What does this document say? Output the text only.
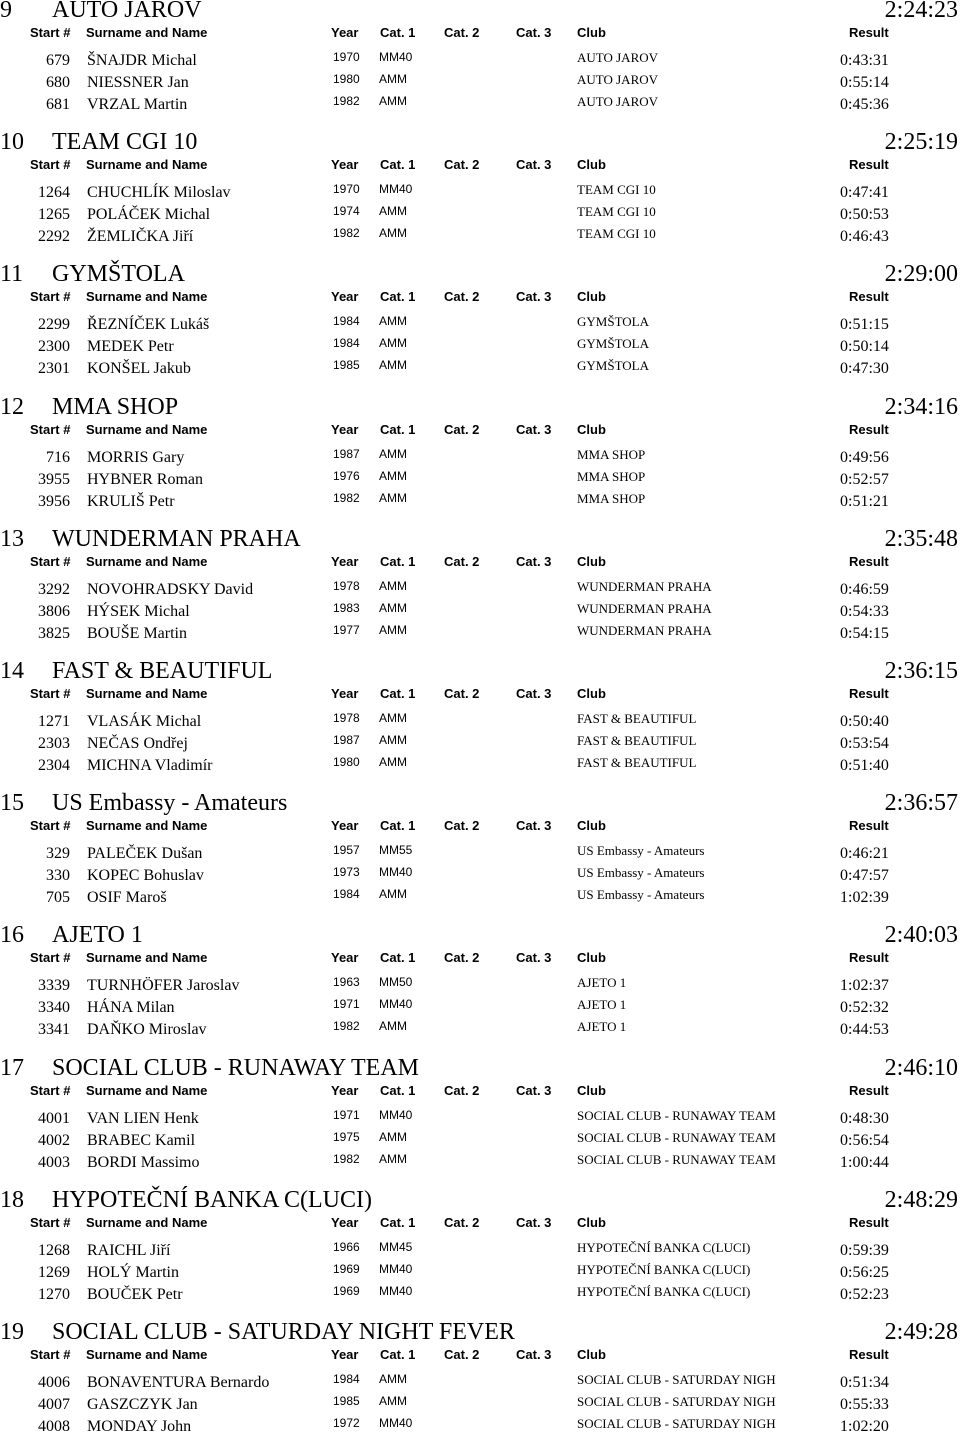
9 AUTO JAROV	2:24:23
Start # Surname and Name	Year Cat. 1 Cat. 2	Cat. 3 Club	Result
679 ŠNAJDR Michal	1970 MM40	AUTO JAROV	0:43:31
680 NIESSNER Jan	1980 AMM	AUTO JAROV	0:55:14
681 VRZAL Martin	1982 AMM	AUTO JAROV	0:45:36
10 TEAM CGI 10	2:25:19
Start # Surname and Name	Year Cat. 1 Cat. 2	Cat. 3 Club	Result
1264 CHUCHLÍK Miloslav	1970 MM40	TEAM CGI 10	0:47:41
1265 POLÁČEK Michal	1974 AMM	TEAM CGI 10	0:50:53
2292 ŽEMLIČKA Jiří	1982 AMM	TEAM CGI 10	0:46:43
11 GYMŠTOLA	2:29:00
Start # Surname and Name	Year Cat. 1 Cat. 2	Cat. 3 Club	Result
2299 ŘEZNÍČEK Lukáš	1984 AMM	GYMŠTOLA	0:51:15
2300 MEDEK Petr	1984 AMM	GYMŠTOLA	0:50:14
2301 KONŠEL Jakub	1985 AMM	GYMŠTOLA	0:47:30
12 MMA SHOP	2:34:16
Start # Surname and Name	Year Cat. 1 Cat. 2	Cat. 3 Club	Result
716 MORRIS Gary	1987 AMM	MMA SHOP	0:49:56
3955 HYBNER Roman	1976 AMM	MMA SHOP	0:52:57
3956 KRULIŠ Petr	1982 AMM	MMA SHOP	0:51:21
13 WUNDERMAN PRAHA	2:35:48
Start # Surname and Name	Year Cat. 1 Cat. 2	Cat. 3 Club	Result
3292 NOVOHRADSKY David	1978 AMM	WUNDERMAN PRAHA	0:46:59
3806 HÝSEK Michal	1983 AMM	WUNDERMAN PRAHA	0:54:33
3825 BOUŠE Martin	1977 AMM	WUNDERMAN PRAHA	0:54:15
14 FAST & BEAUTIFUL	2:36:15
Start # Surname and Name	Year Cat. 1 Cat. 2	Cat. 3 Club	Result
1271 VLASÁK Michal	1978 AMM	FAST & BEAUTIFUL	0:50:40
2303 NEČAS Ondřej	1987 AMM	FAST & BEAUTIFUL	0:53:54
2304 MICHNA Vladimír	1980 AMM	FAST & BEAUTIFUL	0:51:40
15 US Embassy - Amateurs	2:36:57
Start # Surname and Name	Year Cat. 1 Cat. 2	Cat. 3 Club	Result
329 PALEČEK Dušan	1957 MM55	US Embassy - Amateurs	0:46:21
330 KOPEC Bohuslav	1973 MM40	US Embassy - Amateurs	0:47:57
705 OSIF Maroš	1984 AMM	US Embassy - Amateurs	1:02:39
16 AJETO 1	2:40:03
Start # Surname and Name	Year Cat. 1 Cat. 2	Cat. 3 Club	Result
3339 TURNHÖFER Jaroslav	1963 MM50	AJETO 1	1:02:37
3340 HÁNA Milan	1971 MM40	AJETO 1	0:52:32
3341 DAŇKO Miroslav	1982 AMM	AJETO 1	0:44:53
17 SOCIAL CLUB - RUNAWAY TEAM	2:46:10
Start # Surname and Name	Year Cat. 1 Cat. 2	Cat. 3 Club	Result
4001 VAN LIEN Henk	1971 MM40	SOCIAL CLUB - RUNAWAY TEAM	0:48:30
4002 BRABEC Kamil	1975 AMM	SOCIAL CLUB - RUNAWAY TEAM	0:56:54
4003 BORDI Massimo	1982 AMM	SOCIAL CLUB - RUNAWAY TEAM	1:00:44
18 HYPOTEČNÍ BANKA C(LUCI)	2:48:29
Start # Surname and Name	Year Cat. 1 Cat. 2	Cat. 3 Club	Result
1268 RAICHL Jiří	1966 MM45	HYPOTEČNÍ BANKA C(LUCI)	0:59:39
1269 HOLÝ Martin	1969 MM40	HYPOTEČNÍ BANKA C(LUCI)	0:56:25
1270 BOUČEK Petr	1969 MM40	HYPOTEČNÍ BANKA C(LUCI)	0:52:23
19 SOCIAL CLUB - SATURDAY NIGHT FEVER	2:49:28
Start # Surname and Name	Year Cat. 1 Cat. 2	Cat. 3 Club	Result
4006 BONAVENTURA Bernardo	1984 AMM	SOCIAL CLUB - SATURDAY NIGH	0:51:34
4007 GASZCZYK Jan	1985 AMM	SOCIAL CLUB - SATURDAY NIGH	0:55:33
4008 MONDAY John	1972 MM40	SOCIAL CLUB - SATURDAY NIGH	1:02:20
